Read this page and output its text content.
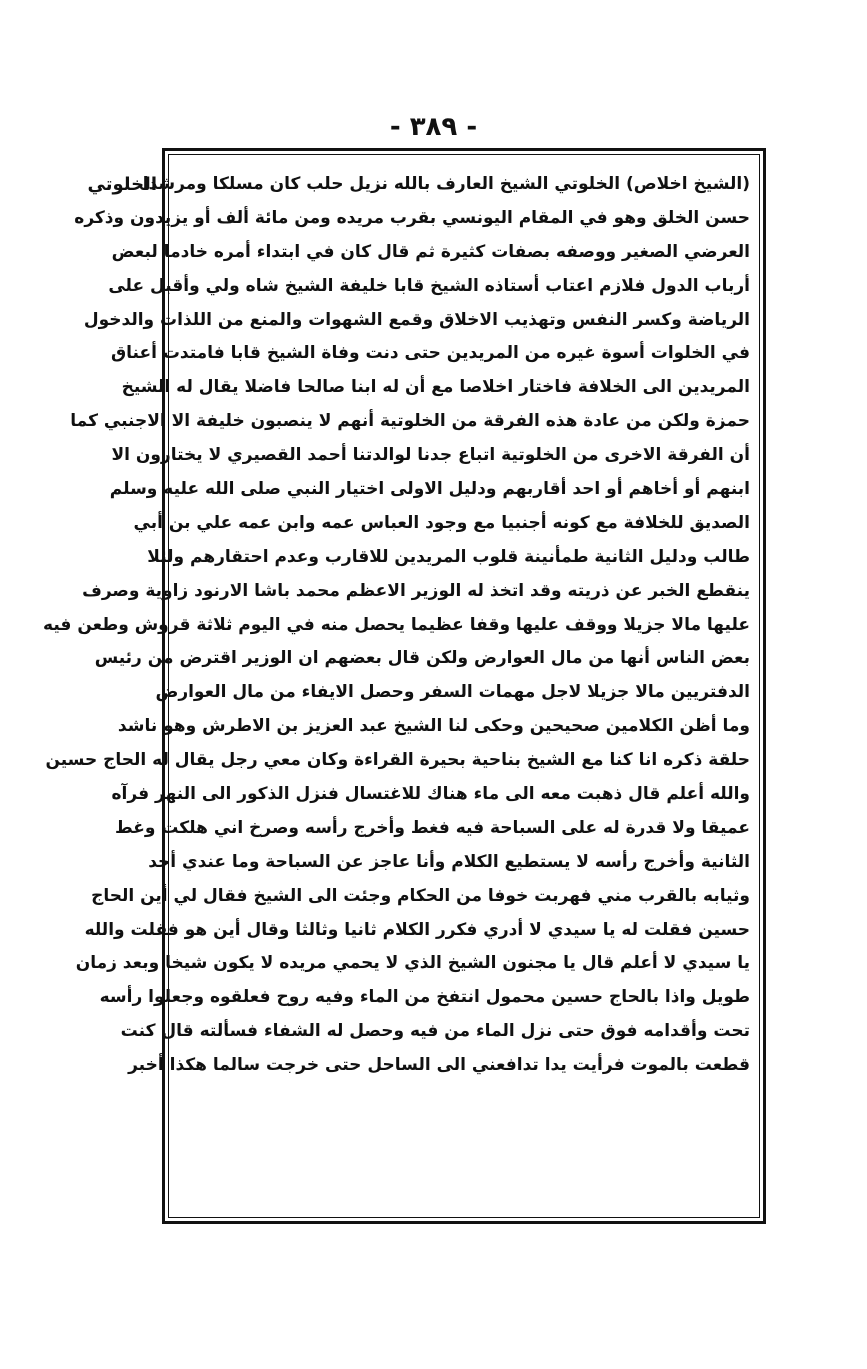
- ٣٨٩ -
الخلوتي
(الشيخ اخلاص) الخلوتي الشيخ العارف بالله نزيل حلب كان مسلكا ومرشدا
حسن الخلق وهو في المقام اليونسي بقرب مريده ومن مائة ألف أو يزيدون وذكره
العرضي الصغير ووصفه بصفات كثيرة ثم قال كان في ابتداء أمره خادما لبعض
أرباب الدول فلازم اعتاب أستاذه الشيخ قابا خليفة الشيخ شاه ولي وأقبل على
الرياضة وكسر النفس وتهذيب الاخلاق وقمع الشهوات والمنع من اللذات والدخول
في الخلوات أسوة غيره من المريدين حتى دنت وفاة الشيخ قابا فامتدت أعناق
المريدين الى الخلافة فاختار اخلاصا مع أن له ابنا صالحا فاضلا يقال له الشيخ
حمزة ولكن من عادة هذه الفرقة من الخلوتية أنهم لا ينصبون خليفة الا الاجنبي كما
أن الفرقة الاخرى من الخلوتية اتباع جدنا لوالدتنا أحمد القصيري لا يختارون الا
ابنهم أو أخاهم أو احد أقاربهم ودليل الاولى اختيار النبي صلى الله عليه وسلم
الصديق للخلافة مع كونه أجنبيا مع وجود العباس عمه وابن عمه علي بن أبي
طالب ودليل الثانية طمأنينة قلوب المريدين للاقارب وعدم احتقارهم ولئلا
ينقطع الخبر عن ذريته وقد اتخذ له الوزير الاعظم محمد باشا الارنود زاوية وصرف
عليها مالا جزيلا ووقف عليها وقفا عظيما يحصل منه في اليوم ثلاثة قروش وطعن فيه
بعض الناس أنها من مال العوارض ولكن قال بعضهم ان الوزير اقترض من رئيس
الدفتريين مالا جزيلا لاجل مهمات السفر وحصل الايفاء من مال العوارض
وما أظن الكلامين صحيحين وحكى لنا الشيخ عبد العزيز بن الاطرش وهو ناشد
حلقة ذكره انا كنا مع الشيخ بناحية بحيرة القراءة وكان معي رجل يقال له الحاج حسين
والله أعلم قال ذهبت معه الى ماء هناك للاغتسال فنزل الذكور الى النهر فرآه
عميقا ولا قدرة له على السباحة فيه فغط وأخرج رأسه وصرخ اني هلكت وغط
الثانية وأخرج رأسه لا يستطيع الكلام وأنا عاجز عن السباحة وما عندي أحد
وثيابه بالقرب مني فهربت خوفا من الحكام وجئت الى الشيخ فقال لي أين الحاج
حسين فقلت له يا سيدي لا أدري فكرر الكلام ثانيا وثالثا وقال أين هو فقلت والله
يا سيدي لا أعلم قال يا مجنون الشيخ الذي لا يحمي مريده لا يكون شيخا وبعد زمان
طويل واذا بالحاج حسين محمول انتفخ من الماء وفيه روح فعلقوه وجعلوا رأسه
تحت وأقدامه فوق حتى نزل الماء من فيه وحصل له الشفاء فسألته قال كنت
قطعت بالموت فرأيت يدا تدافعني الى الساحل حتى خرجت سالما هكذا أخبر
